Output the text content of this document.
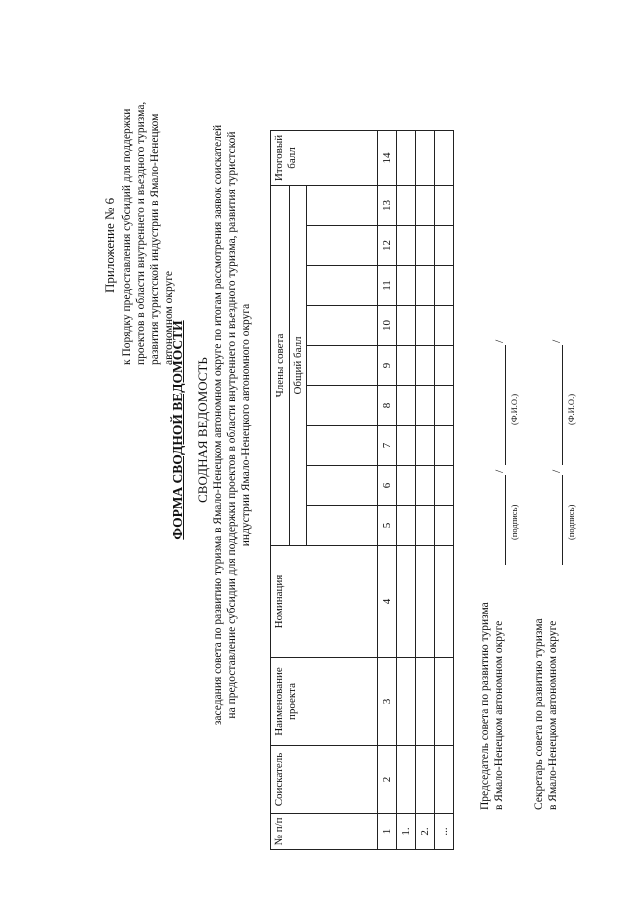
Приложение № 6 к Порядку предоставления субсидий для поддержки проектов в области внутреннего и въездного туризма, развития туристской индустрии в Ямало-Ненецком автономном округе
ФОРМА СВОДНОЙ ВЕДОМОСТИ СВОДНАЯ ВЕДОМОСТЬ заседания совета по развитию туризма в Ямало-Ненецком автономном округе по итогам рассмотрения заявок соискателей на предоставление субсидии для поддержки проектов в области внутреннего и въездного туризма, развития туристской индустрии Ямало-Ненецкого автономного округа
№ п/п	Соискатель	Наименование проекта	Номинация	Члены совета									Итоговый балл
				Общий балл									

1	2	3	4	5	6	7	8	9	10	11	12	13	14
1.													
2.													
...													
Председатель совета по развитию туризма в Ямало-Ненецком автономном округе
/
/
(подпись)
(Ф.И.О.)
Секретарь совета по развитию туризма в Ямало-Ненецком автономном округе
/
/
(подпись)
(Ф.И.О.)
